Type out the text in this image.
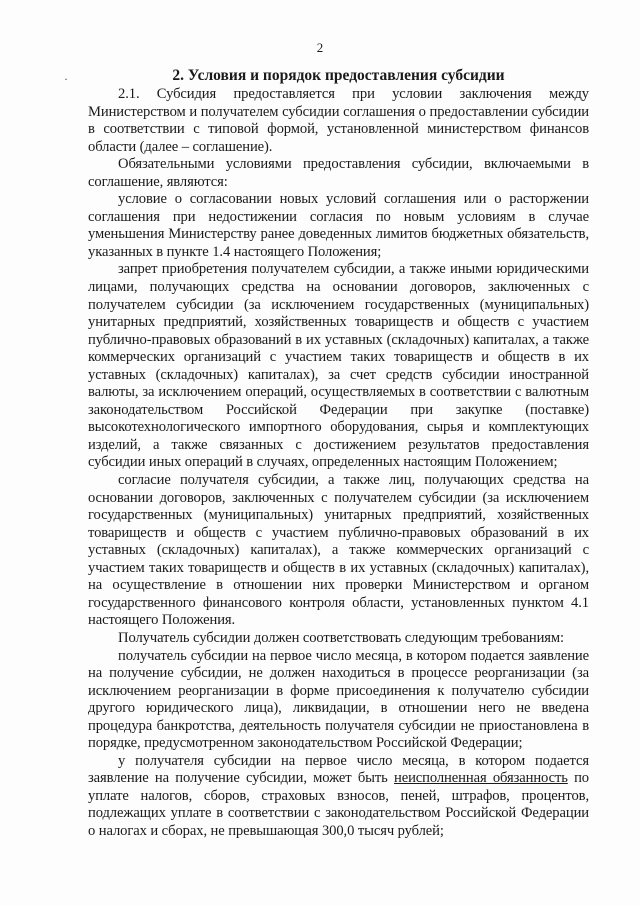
2
·	2. Условия и порядок предоставления субсидии

2.1. Субсидия предоставляется при условии заключения между Министерством и получателем субсидии соглашения о предоставлении субсидии в соответствии с типовой формой, установленной министерством финансов области (далее – соглашение).

Обязательными условиями предоставления субсидии, включаемыми в соглашение, являются:

условие о согласовании новых условий соглашения или о расторжении соглашения при недостижении согласия по новым условиям в случае уменьшения Министерству ранее доведенных лимитов бюджетных обязательств, указанных в пункте 1.4 настоящего Положения;

запрет приобретения получателем субсидии, а также иными юридическими лицами, получающих средства на основании договоров, заключенных с получателем субсидии (за исключением государственных (муниципальных) унитарных предприятий, хозяйственных товариществ и обществ с участием публично-правовых образований в их уставных (складочных) капиталах, а также коммерческих организаций с участием таких товариществ и обществ в их уставных (складочных) капиталах), за счет средств субсидии иностранной валюты, за исключением операций, осуществляемых в соответствии с валютным законодательством Российской Федерации при закупке (поставке) высокотехнологического импортного оборудования, сырья и комплектующих изделий, а также связанных с достижением результатов предоставления субсидии иных операций в случаях, определенных настоящим Положением;

согласие получателя субсидии, а также лиц, получающих средства на основании договоров, заключенных с получателем субсидии (за исключением государственных (муниципальных) унитарных предприятий, хозяйственных товариществ и обществ с участием публично-правовых образований в их уставных (складочных) капиталах), а также коммерческих организаций с участием таких товариществ и обществ в их уставных (складочных) капиталах), на осуществление в отношении них проверки Министерством и органом государственного финансового контроля области, установленных пунктом 4.1 настоящего Положения.

Получатель субсидии должен соответствовать следующим требованиям:

получатель субсидии на первое число месяца, в котором подается заявление на получение субсидии, не должен находиться в процессе реорганизации (за исключением реорганизации в форме присоединения к получателю субсидии другого юридического лица), ликвидации, в отношении него не введена процедура банкротства, деятельность получателя субсидии не приостановлена в порядке, предусмотренном законодательством Российской Федерации;

у получателя субсидии на первое число месяца, в котором подается заявление на получение субсидии, может быть неисполненная обязанность по уплате налогов, сборов, страховых взносов, пеней, штрафов, процентов, подлежащих уплате в соответствии с законодательством Российской Федерации о налогах и сборах, не превышающая 300,0 тысяч рублей;
